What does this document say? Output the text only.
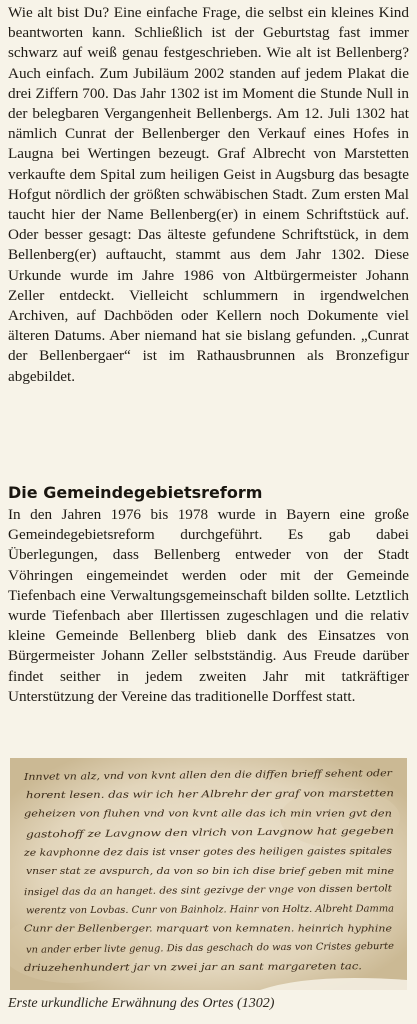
Wie alt bist Du? Eine einfache Frage, die selbst ein kleines Kind beantworten kann. Schließlich ist der Geburtstag fast immer schwarz auf weiß genau festgeschrieben. Wie alt ist Bellenberg? Auch einfach. Zum Jubiläum 2002 standen auf jedem Plakat die drei Ziffern 700. Das Jahr 1302 ist im Moment die Stunde Null in der belegbaren Vergangenheit Bellenbergs. Am 12. Juli 1302 hat nämlich Cunrat der Bellenberger den Verkauf eines Hofes in Laugna bei Wertingen bezeugt. Graf Albrecht von Marstetten verkaufte dem Spital zum heiligen Geist in Augsburg das besagte Hofgut nördlich der größten schwäbischen Stadt. Zum ersten Mal taucht hier der Name Bellenberg(er) in einem Schriftstück auf. Oder besser gesagt: Das älteste gefundene Schriftstück, in dem Bellenberg(er) auftaucht, stammt aus dem Jahr 1302. Diese Urkunde wurde im Jahre 1986 von Altbürgermeister Johann Zeller entdeckt. Vielleicht schlummern in irgendwelchen Archiven, auf Dachböden oder Kellern noch Dokumente viel älteren Datums. Aber niemand hat sie bislang gefunden. „Cunrat der Bellenbergaer“ ist im Rathausbrunnen als Bronzefigur abgebildet.

Die Gemeindegebietsreform

In den Jahren 1976 bis 1978 wurde in Bayern eine große Gemeindegebietsreform durchgeführt. Es gab dabei Überlegungen, dass Bellenberg entweder von der Stadt Vöhringen eingemeindet werden oder mit der Gemeinde Tiefenbach eine Verwaltungsgemeinschaft bilden sollte. Letztlich wurde Tiefenbach aber Illertissen zugeschlagen und die relativ kleine Gemeinde Bellenberg blieb dank des Einsatzes von Bürgermeister Johann Zeller selbstständig. Aus Freude darüber findet seither in jedem zweiten Jahr mit tatkräftiger Unterstützung der Vereine das traditionelle Dorffest statt.

Innvet vn alz, vnd von kvnt allen den die diffen brieff sehent oder
horent lesen. das wir ich her Albrehr der graf von marstetten
geheizen von fluhen vnd von kvnt alle das ich min vrien gvt den
gastohoff ze Lavgnow den vlrich von Lavgnow hat gegeben
ze kavphonne dez dais ist vnser gotes des heiligen gaistes spitales
vnser stat ze avspurch, da von so bin ich dise brief geben mit mine
insigel das da an hanget. des sint gezivge der vnge von dissen bertolt
werentz von Lovbas. Cunr von Bainholz. Hainr von Holtz. Albreht Damma
Cunr der Bellenberger. marquart von kemnaten. heinrich hyphine
vn ander erber livte genug. Dis das geschach do was von Cristes geburte
driuzehenhundert jar vn zwei jar an sant margareten tac.
Erste urkundliche Erwähnung des Ortes (1302)
